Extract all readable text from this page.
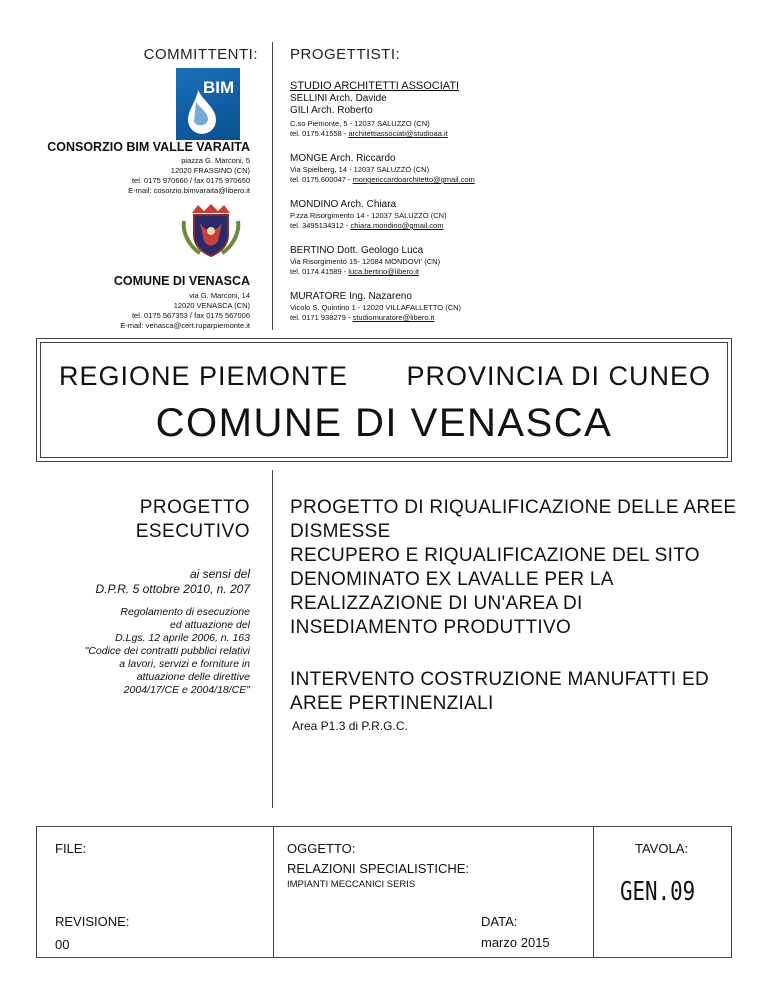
COMMITTENTI: PROGETTISTI:
BIM
CONSORZIO BIM VALLE VARAITA
piazza G. Marconi, 5
12020 FRASSINO (CN)
tel. 0175 970660 / fax 0175 970650
E-mail: cosorzio.bimvaraita@libero.it
COMUNE DI VENASCA
via G. Marconi, 14
12020 VENASCA (CN)
tel. 0175 567353 / fax 0175 567006
E-mail: venasca@cert.ruparpiemonte.it
STUDIO ARCHITETTI ASSOCIATI
SELLINI Arch. Davide
GILI Arch. Roberto
C.so Piemonte, 5 - 12037 SALUZZO (CN)
tel. 0175.41558 - architettiassociati@studioaa.it
MONGE Arch. Riccardo
Via Spielberg, 14 - 12037 SALUZZO (CN)
tel. 0175.600047 - mongericcardoarchitetto@gmail.com
MONDINO Arch. Chiara
P.zza Risorgimento 14 - 12037 SALUZZO (CN)
tel. 3495134312 - chiara.mondino@gmail.com
BERTINO Dott. Geologo Luca
Via Risorgimento 15- 12084 MONDOVI' (CN)
tel. 0174.41589 - luca.bertino@libero.it
MURATORE Ing. Nazareno
Vicolo S. Quintino 1 - 12020 VILLAFALLETTO (CN)
tel. 0171 938279 - studiomuratore@libero.it
REGIONE PIEMONTE PROVINCIA DI CUNEO
COMUNE DI VENASCA
PROGETTO
ESECUTIVO
ai sensi del
D.P.R. 5 ottobre 2010, n. 207
Regolamento di esecuzione
ed attuazione del
D.Lgs. 12 aprile 2006, n. 163
"Codice dei contratti pubblici relativi
a lavori, servizi e forniture in
attuazione delle direttive
2004/17/CE e 2004/18/CE"
PROGETTO DI RIQUALIFICAZIONE DELLE AREE
DISMESSE
RECUPERO E RIQUALIFICAZIONE DEL SITO
DENOMINATO EX LAVALLE PER LA
REALIZZAZIONE DI UN'AREA DI
INSEDIAMENTO PRODUTTIVO
INTERVENTO COSTRUZIONE MANUFATTI ED
AREE PERTINENZIALI
Area P1.3 di P.R.G.C.
FILE:
REVISIONE:
00
OGGETTO:
RELAZIONI SPECIALISTICHE:
IMPIANTI MECCANICI SERIS
DATA:
marzo 2015
TAVOLA:
GEN.09
